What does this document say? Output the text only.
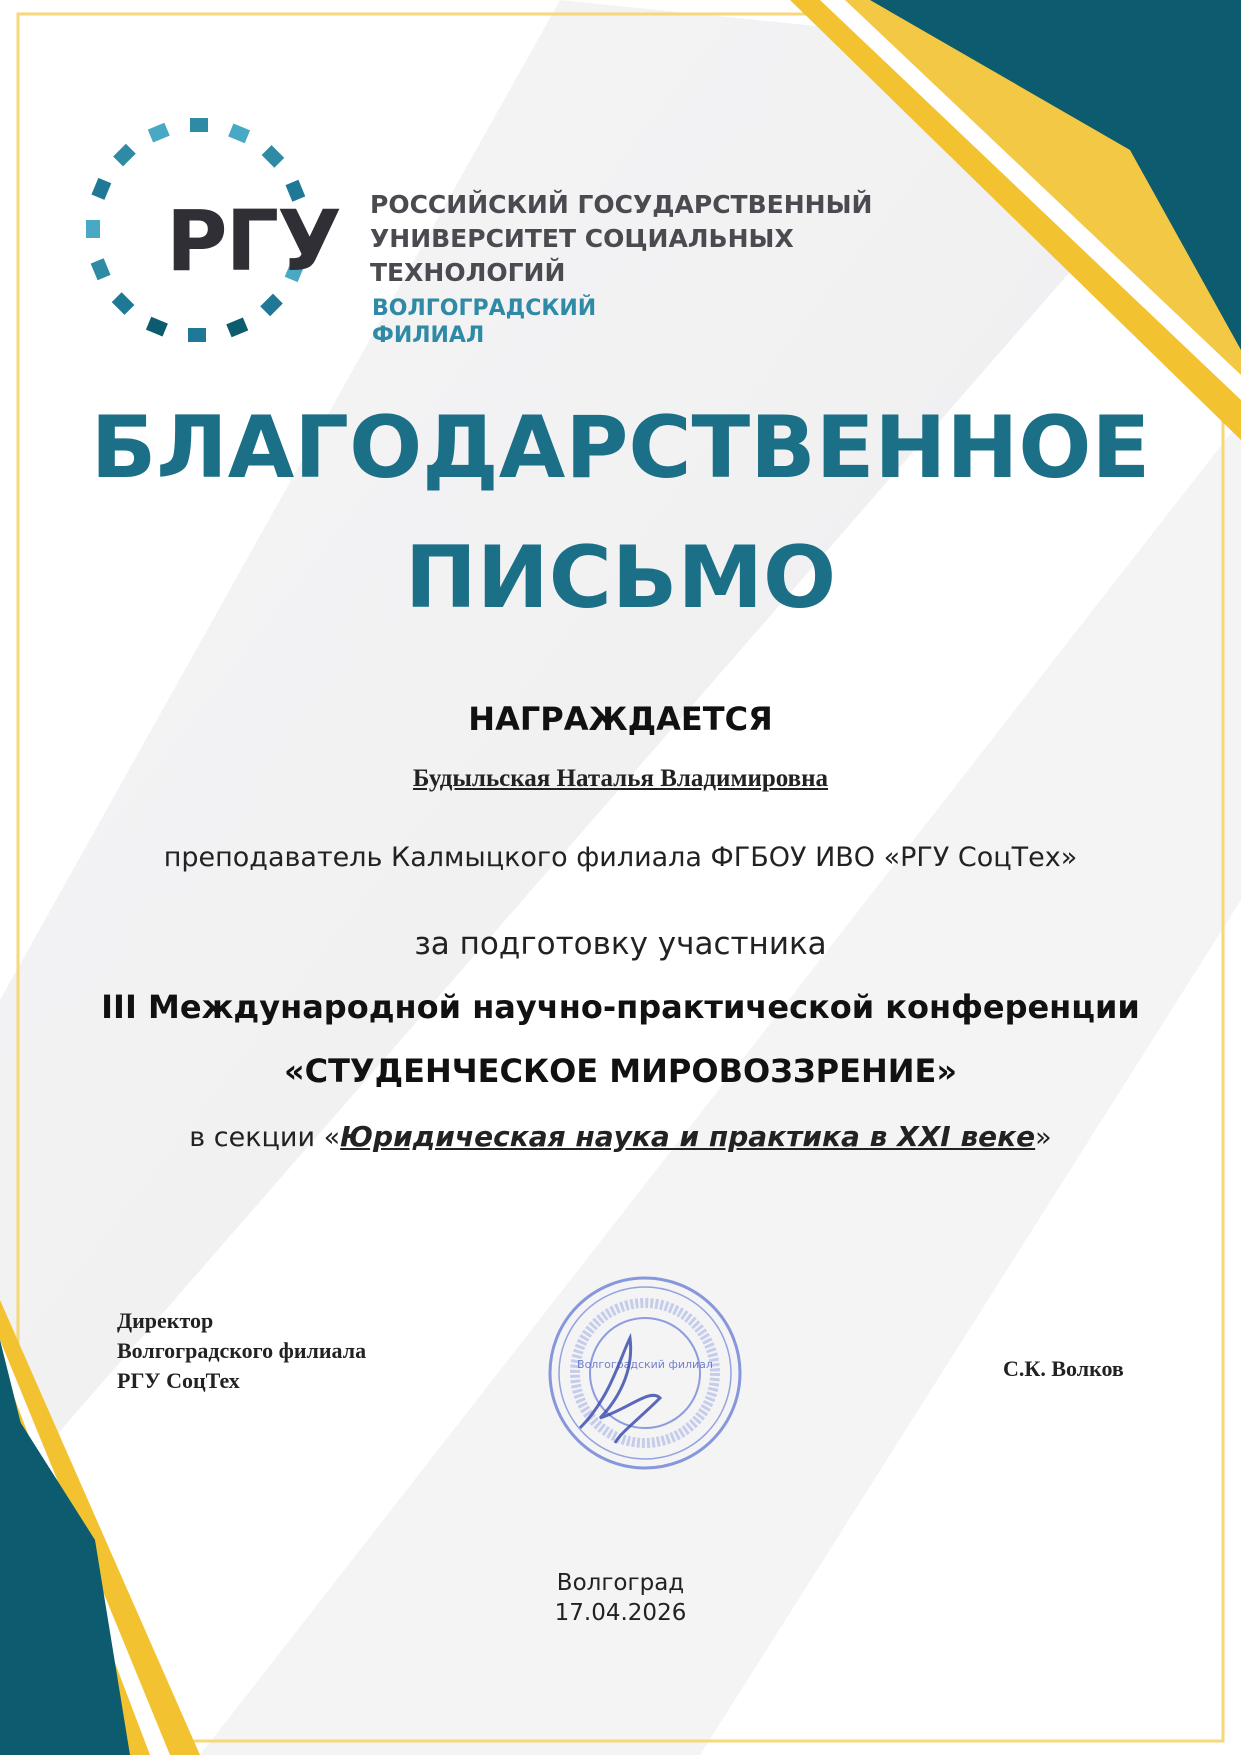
РГУ РОССИЙСКИЙ ГОСУДАРСТВЕННЫЙ
УНИВЕРСИТЕТ СОЦИАЛЬНЫХ
ТЕХНОЛОГИЙ
ВОЛГОГРАДСКИЙ
ФИЛИАЛ
БЛАГОДАРСТВЕННОЕ
ПИСЬМО
НАГРАЖДАЕТСЯ
Будыльская Наталья Владимировна
преподаватель Калмыцкого филиала ФГБОУ ИВО «РГУ СоцТех»
за подготовку участника
III Международной научно-практической конференции
«СТУДЕНЧЕСКОЕ МИРОВОЗЗРЕНИЕ»
в секции «Юридическая наука и практика в XXI веке»
Директор
Волгоградского филиала
РГУ СоцТех
Волгоградский филиал	С.К. Волков
Волгоград
17.04.2026
